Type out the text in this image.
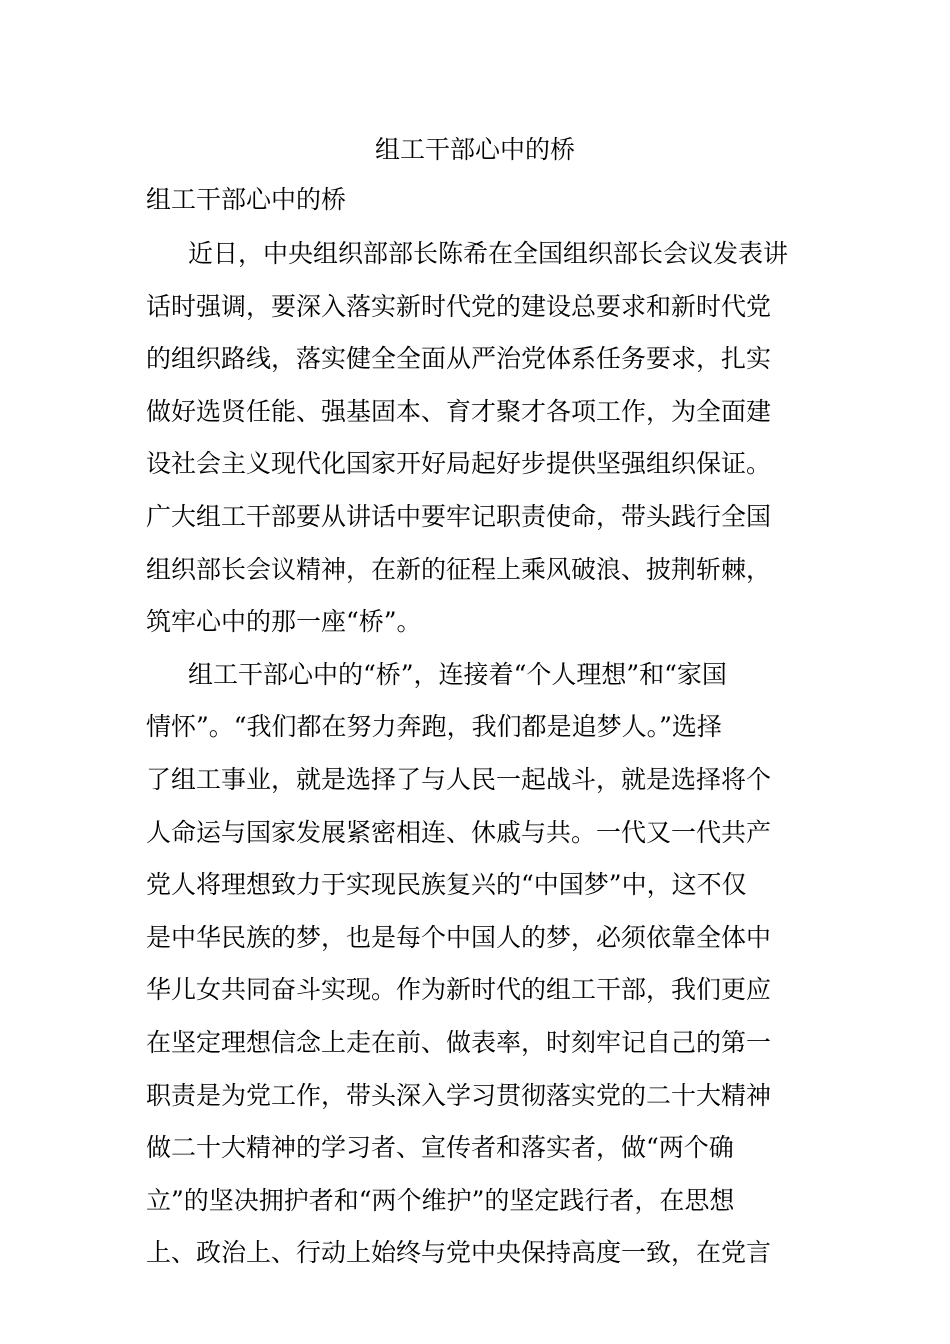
组工干部心中的桥
组工干部心中的桥
近日，中央组织部部长陈希在全国组织部长会议发表讲
话时强调，要深入落实新时代党的建设总要求和新时代党
的组织路线，落实健全全面从严治党体系任务要求，扎实
做好选贤任能、强基固本、育才聚才各项工作，为全面建
设社会主义现代化国家开好局起好步提供坚强组织保证。
广大组工干部要从讲话中要牢记职责使命，带头践行全国
组织部长会议精神，在新的征程上乘风破浪、披荆斩棘，
筑牢心中的那一座“桥”。
组工干部心中的“桥”，连接着“个人理想”和“家国
情怀”。“我们都在努力奔跑，我们都是追梦人。”选择
了组工事业，就是选择了与人民一起战斗，就是选择将个
人命运与国家发展紧密相连、休戚与共。一代又一代共产
党人将理想致力于实现民族复兴的“中国梦”中，这不仅
是中华民族的梦，也是每个中国人的梦，必须依靠全体中
华儿女共同奋斗实现。作为新时代的组工干部，我们更应
在坚定理想信念上走在前、做表率，时刻牢记自己的第一
职责是为党工作，带头深入学习贯彻落实党的二十大精神
做二十大精神的学习者、宣传者和落实者，做“两个确
立”的坚决拥护者和“两个维护”的坚定践行者，在思想
上、政治上、行动上始终与党中央保持高度一致，在党言
